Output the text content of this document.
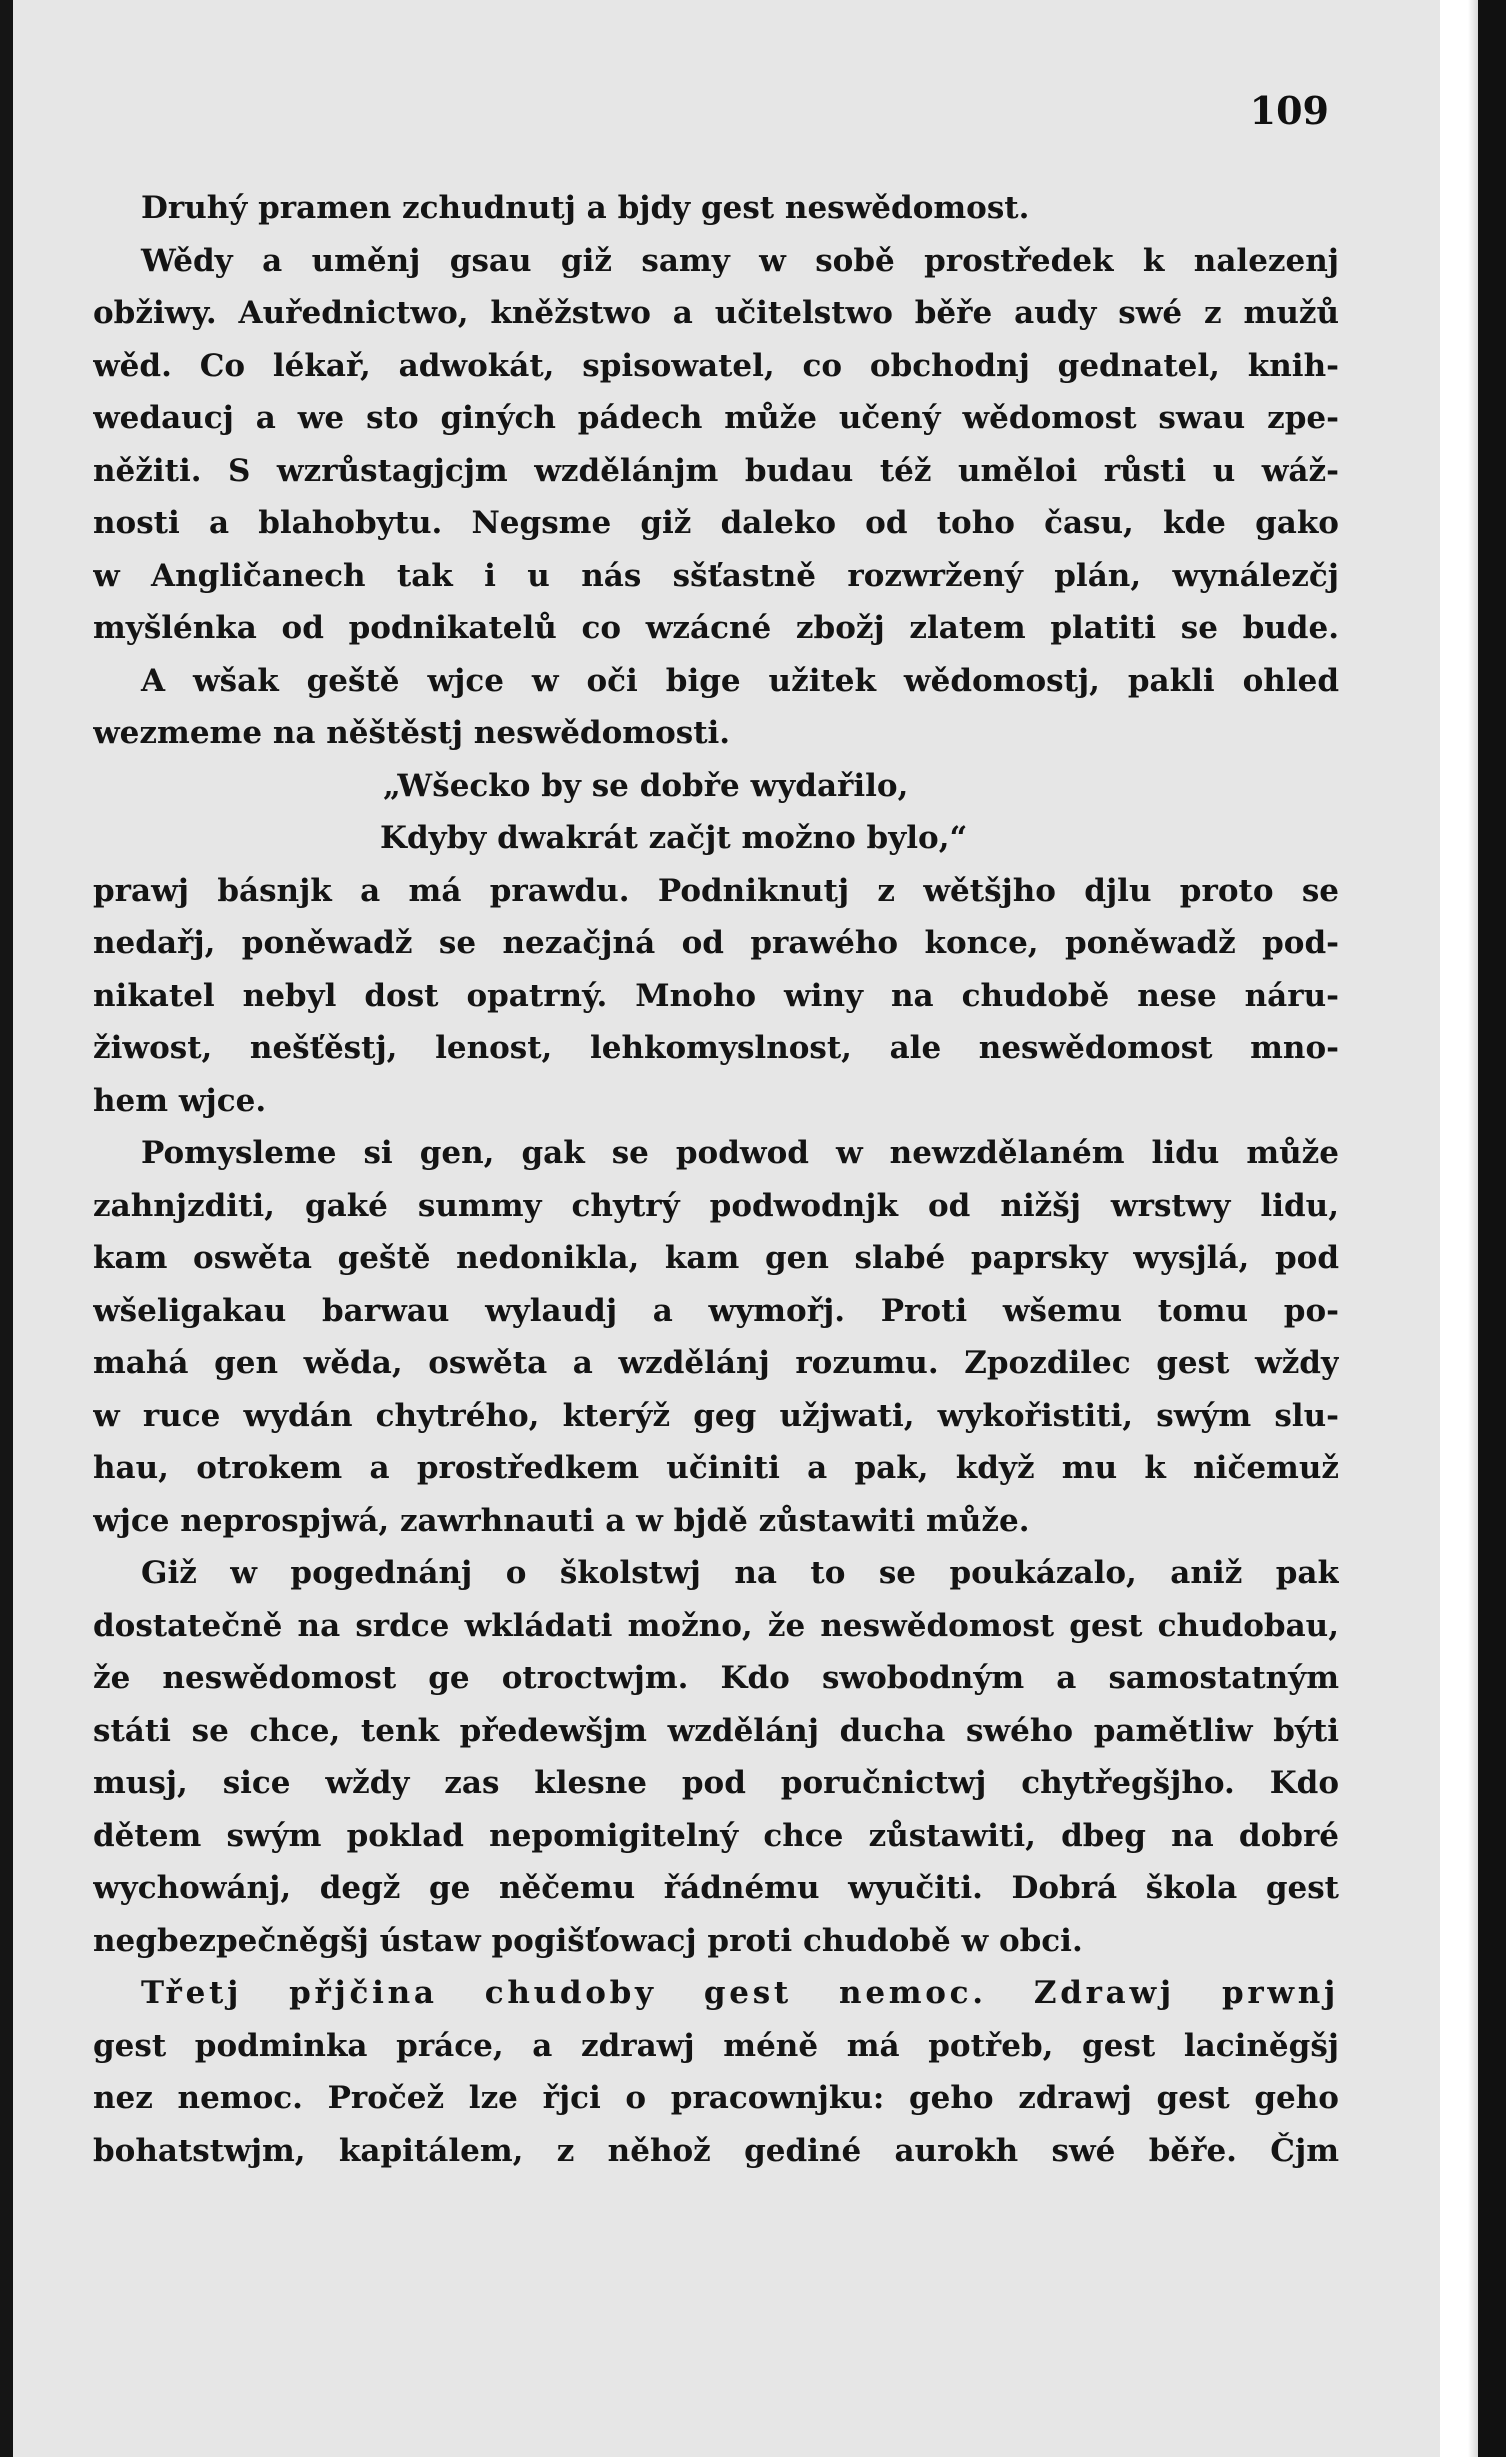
109

Druhý pramen zchudnutj a bjdy gest neswědomost.

Wědy a uměnj gsau giž samy w sobě prostředek k nalezenj

obžiwy. Auřednictwo, kněžstwo a učitelstwo běře audy swé z mužů

wěd. Co lékař, adwokát, spisowatel, co obchodnj gednatel, knih-

wedaucj a we sto giných pádech může učený wědomost swau zpe-

něžiti. S wzrůstagjcjm wzdělánjm budau též uměloi růsti u wáž-

nosti a blahobytu. Negsme giž daleko od toho času, kde gako

w Angličanech tak i u nás sšťastně rozwržený plán, wynálezčj

myšlénka od podnikatelů co wzácné zbožj zlatem platiti se bude.

A wšak geště wjce w oči bige užitek wědomostj, pakli ohled

wezmeme na něštěstj neswědomosti.

„Wšecko by se dobře wydařilo,

Kdyby dwakrát začjt možno bylo,“

prawj básnjk a má prawdu. Podniknutj z wětšjho djlu proto se

nedařj, poněwadž se nezačjná od prawého konce, poněwadž pod-

nikatel nebyl dost opatrný. Mnoho winy na chudobě nese náru-

žiwost, nešťěstj, lenost, lehkomyslnost, ale neswědomost mno-

hem wjce.

Pomysleme si gen, gak se podwod w newzdělaném lidu může

zahnjzditi, gaké summy chytrý podwodnjk od nižšj wrstwy lidu,

kam oswěta geště nedonikla, kam gen slabé paprsky wysjlá, pod

wšeligakau barwau wylaudj a wymořj. Proti wšemu tomu po-

mahá gen wěda, oswěta a wzdělánj rozumu. Zpozdilec gest wždy

w ruce wydán chytrého, kterýž geg užjwati, wykořistiti, swým slu-

hau, otrokem a prostředkem učiniti a pak, když mu k ničemuž

wjce neprospjwá, zawrhnauti a w bjdě zůstawiti může.

Giž w pogednánj o školstwj na to se poukázalo, aniž pak

dostatečně na srdce wkládati možno, že neswědomost gest chudobau,

že neswědomost ge otroctwjm. Kdo swobodným a samostatným

státi se chce, tenk předewšjm wzdělánj ducha swého pamětliw býti

musj, sice wždy zas klesne pod poručnictwj chytřegšjho. Kdo

dětem swým poklad nepomigitelný chce zůstawiti, dbeg na dobré

wychowánj, degž ge něčemu řádnému wyučiti. Dobrá škola gest

negbezpečněgšj ústaw pogišťowacj proti chudobě w obci.

Třetj přjčina chudoby gest nemoc. Zdrawj prwnj

gest podminka práce, a zdrawj méně má potřeb, gest laciněgšj

nez nemoc. Pročež lze řjci o pracownjku: geho zdrawj gest geho

bohatstwjm, kapitálem, z něhož gediné aurokh swé běře. Čjm
